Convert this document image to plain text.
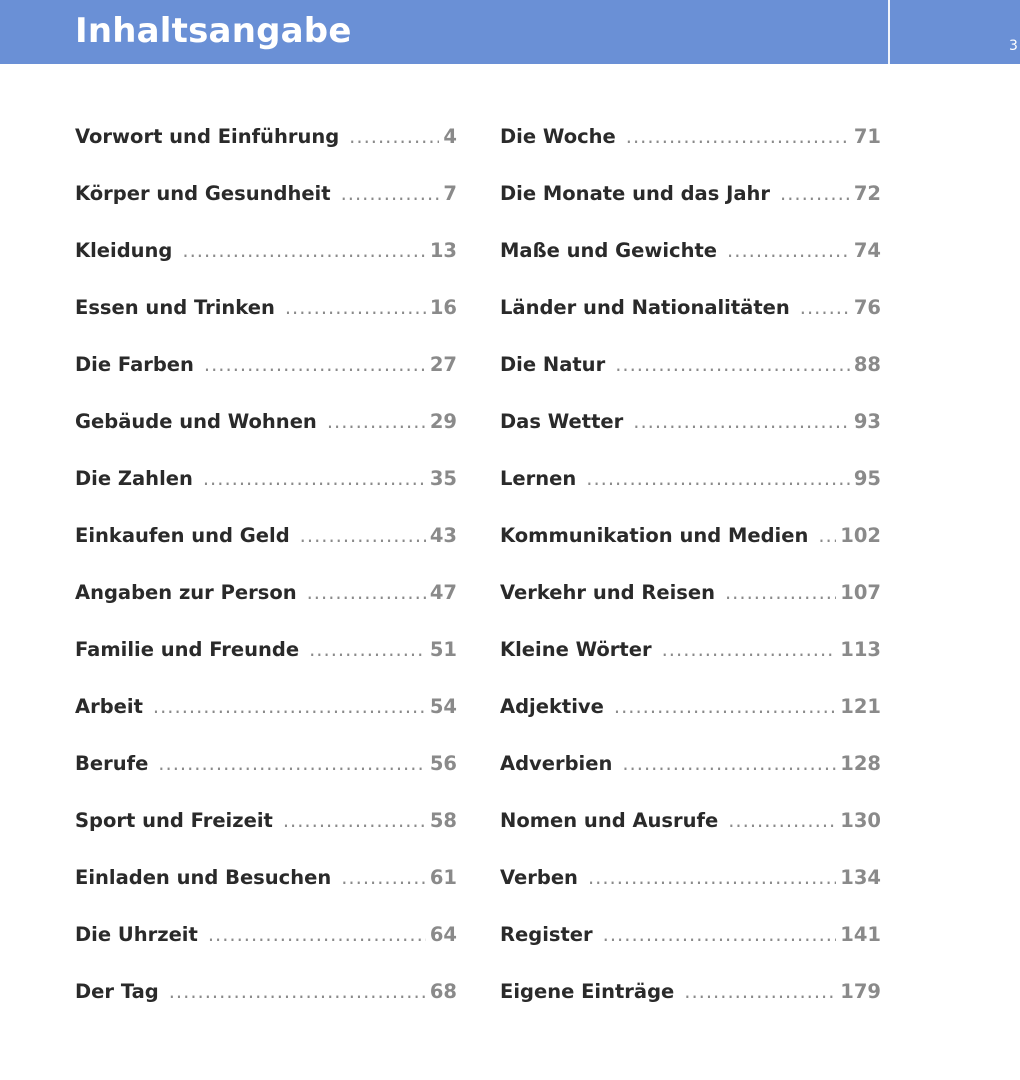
Inhaltsangabe	3
Vorwort und Einführung .....	4
Körper und Gesundheit .....	7
Kleidung .....	13
Essen und Trinken .....	16
Die Farben .....	27
Gebäude und Wohnen .....	29
Die Zahlen .....	35
Einkaufen und Geld .....	43
Angaben zur Person .....	47
Familie und Freunde .....	51
Arbeit .....	54
Berufe .....	56
Sport und Freizeit .....	58
Einladen und Besuchen .....	61
Die Uhrzeit .....	64
Der Tag .....	68
Die Woche .....	71
Die Monate und das Jahr .....	72
Maße und Gewichte .....	74
Länder und Nationalitäten .....	76
Die Natur .....	88
Das Wetter .....	93
Lernen .....	95
Kommunikation und Medien ..... 102
Verkehr und Reisen .....	107
Kleine Wörter .....	113
Adjektive .....	121
Adverbien .....	128
Nomen und Ausrufe .....	130
Verben .....	134
Register .....	141
Eigene Einträge .....	179
